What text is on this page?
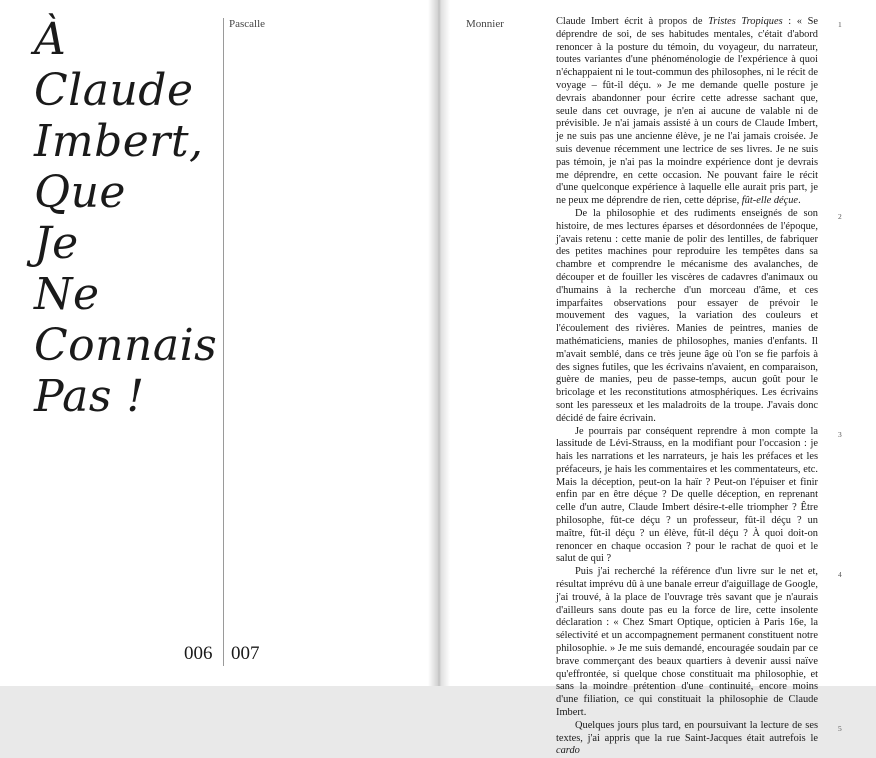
À
Claude
Imbert,
Que
Je
Ne
Connais
Pas !
Pascalle
006 007
Monnier	Claude Imbert écrit à propos de Tristes Tropiques : « Se déprendre de soi, de ses habitudes mentales, c'était d'abord renoncer à la posture du témoin, du voyageur, du narrateur, toutes variantes d'une phénoménologie de l'expérience à quoi n'échappaient ni le tout-commun des philosophes, ni le récit de voyage – fût-il déçu. » Je me demande quelle posture je devrais abandonner pour écrire cette adresse sachant que, seule dans cet ouvrage, je n'en ai aucune de valable ni de prévisible. Je n'ai jamais assisté à un cours de Claude Imbert, je ne suis pas une ancienne élève, je ne l'ai jamais croisée. Je suis devenue récemment une lectrice de ses livres. Je ne suis pas témoin, je n'ai pas la moindre expérience dont je devrais me déprendre, en cette occasion. Ne pouvant faire le récit d'une quelconque expérience à laquelle elle aurait pris part, je ne peux me déprendre de rien, cette déprise, fût-elle déçue.

De la philosophie et des rudiments enseignés de son histoire, de mes lectures éparses et désordonnées de l'époque, j'avais retenu : cette manie de polir des lentilles, de fabriquer des petites machines pour reproduire les tempêtes dans sa chambre et comprendre le mécanisme des avalanches, de découper et de fouiller les viscères de cadavres d'animaux ou d'humains à la recherche d'un morceau d'âme, et ces imparfaites observations pour essayer de prévoir le mouvement des vagues, la variation des couleurs et l'écoulement des rivières. Manies de peintres, manies de mathématiciens, manies de philosophes, manies d'enfants. Il m'avait semblé, dans ce très jeune âge où l'on se fie parfois à des signes futiles, que les écrivains n'avaient, en comparaison, guère de manies, peu de passe-temps, aucun goût pour le bricolage et les reconstitutions atmosphériques. Les écrivains sont les paresseux et les maladroits de la troupe. J'avais donc décidé de faire écrivain.

Je pourrais par conséquent reprendre à mon compte la lassitude de Lévi-Strauss, en la modifiant pour l'occasion : je hais les narrations et les narrateurs, je hais les préfaces et les préfaceurs, je hais les commentaires et les commentateurs, etc. Mais la déception, peut-on la haïr ? Peut-on l'épuiser et finir enfin par en être déçue ? De quelle déception, en reprenant celle d'un autre, Claude Imbert désire-t-elle triompher ? Être philosophe, fût-ce déçu ? un professeur, fût-il déçu ? un maître, fût-il déçu ? un élève, fût-il déçu ? À quoi doit-on renoncer en chaque occasion ? pour le rachat de quoi et le salut de qui ?

Puis j'ai recherché la référence d'un livre sur le net et, résultat imprévu dû à une banale erreur d'aiguillage de Google, j'ai trouvé, à la place de l'ouvrage très savant que je n'aurais d'ailleurs sans doute pas eu la force de lire, cette insolente déclaration : « Chez Smart Optique, opticien à Paris 16e, la sélectivité et un accompagnement permanent constituent notre philosophie. » Je me suis demandé, encouragée soudain par ce brave commerçant des beaux quartiers à devenir aussi naïve qu'effrontée, si quelque chose constituait ma philosophie, et sans la moindre prétention d'une continuité, encore moins d'une filiation, ce qui constituait la philosophie de Claude Imbert.

Quelques jours plus tard, en poursuivant la lecture de ses textes, j'ai appris que la rue Saint-Jacques était autrefois le cardo

1
2
3
4
5
